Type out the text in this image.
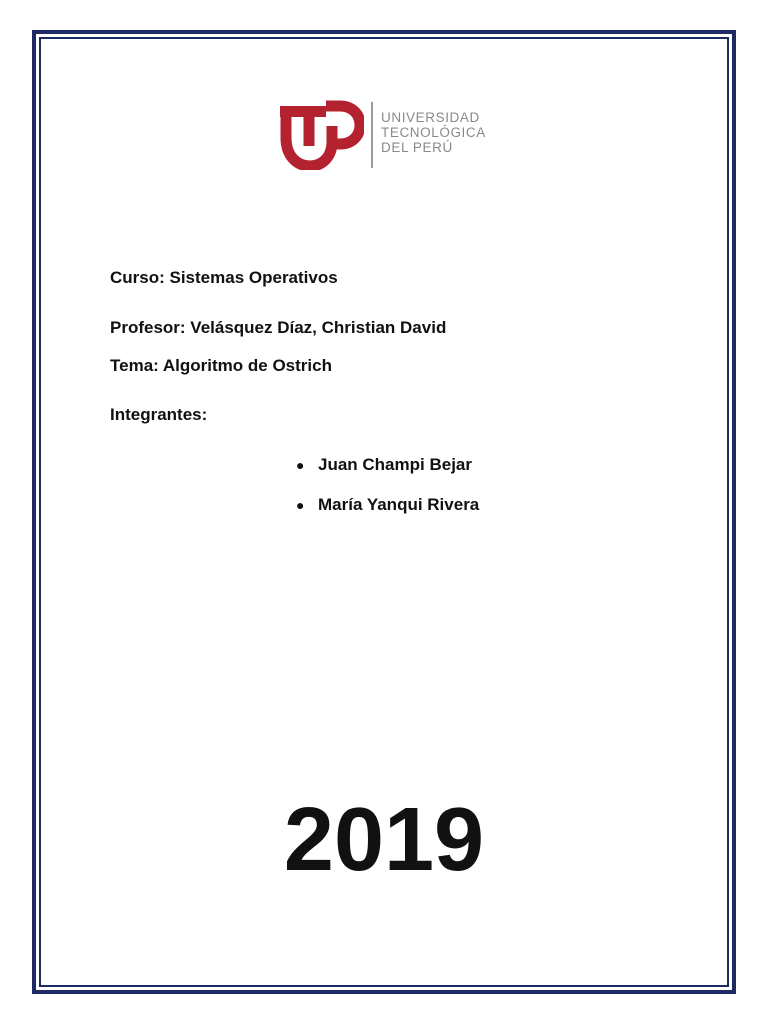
UNIVERSIDAD
TECNOLÓGICA
DEL PERÚ
Curso: Sistemas Operativos
Profesor: Velásquez Díaz, Christian David
Tema: Algoritmo de Ostrich
Integrantes:
● Juan Champi Bejar
● María Yanqui Rivera
2019
